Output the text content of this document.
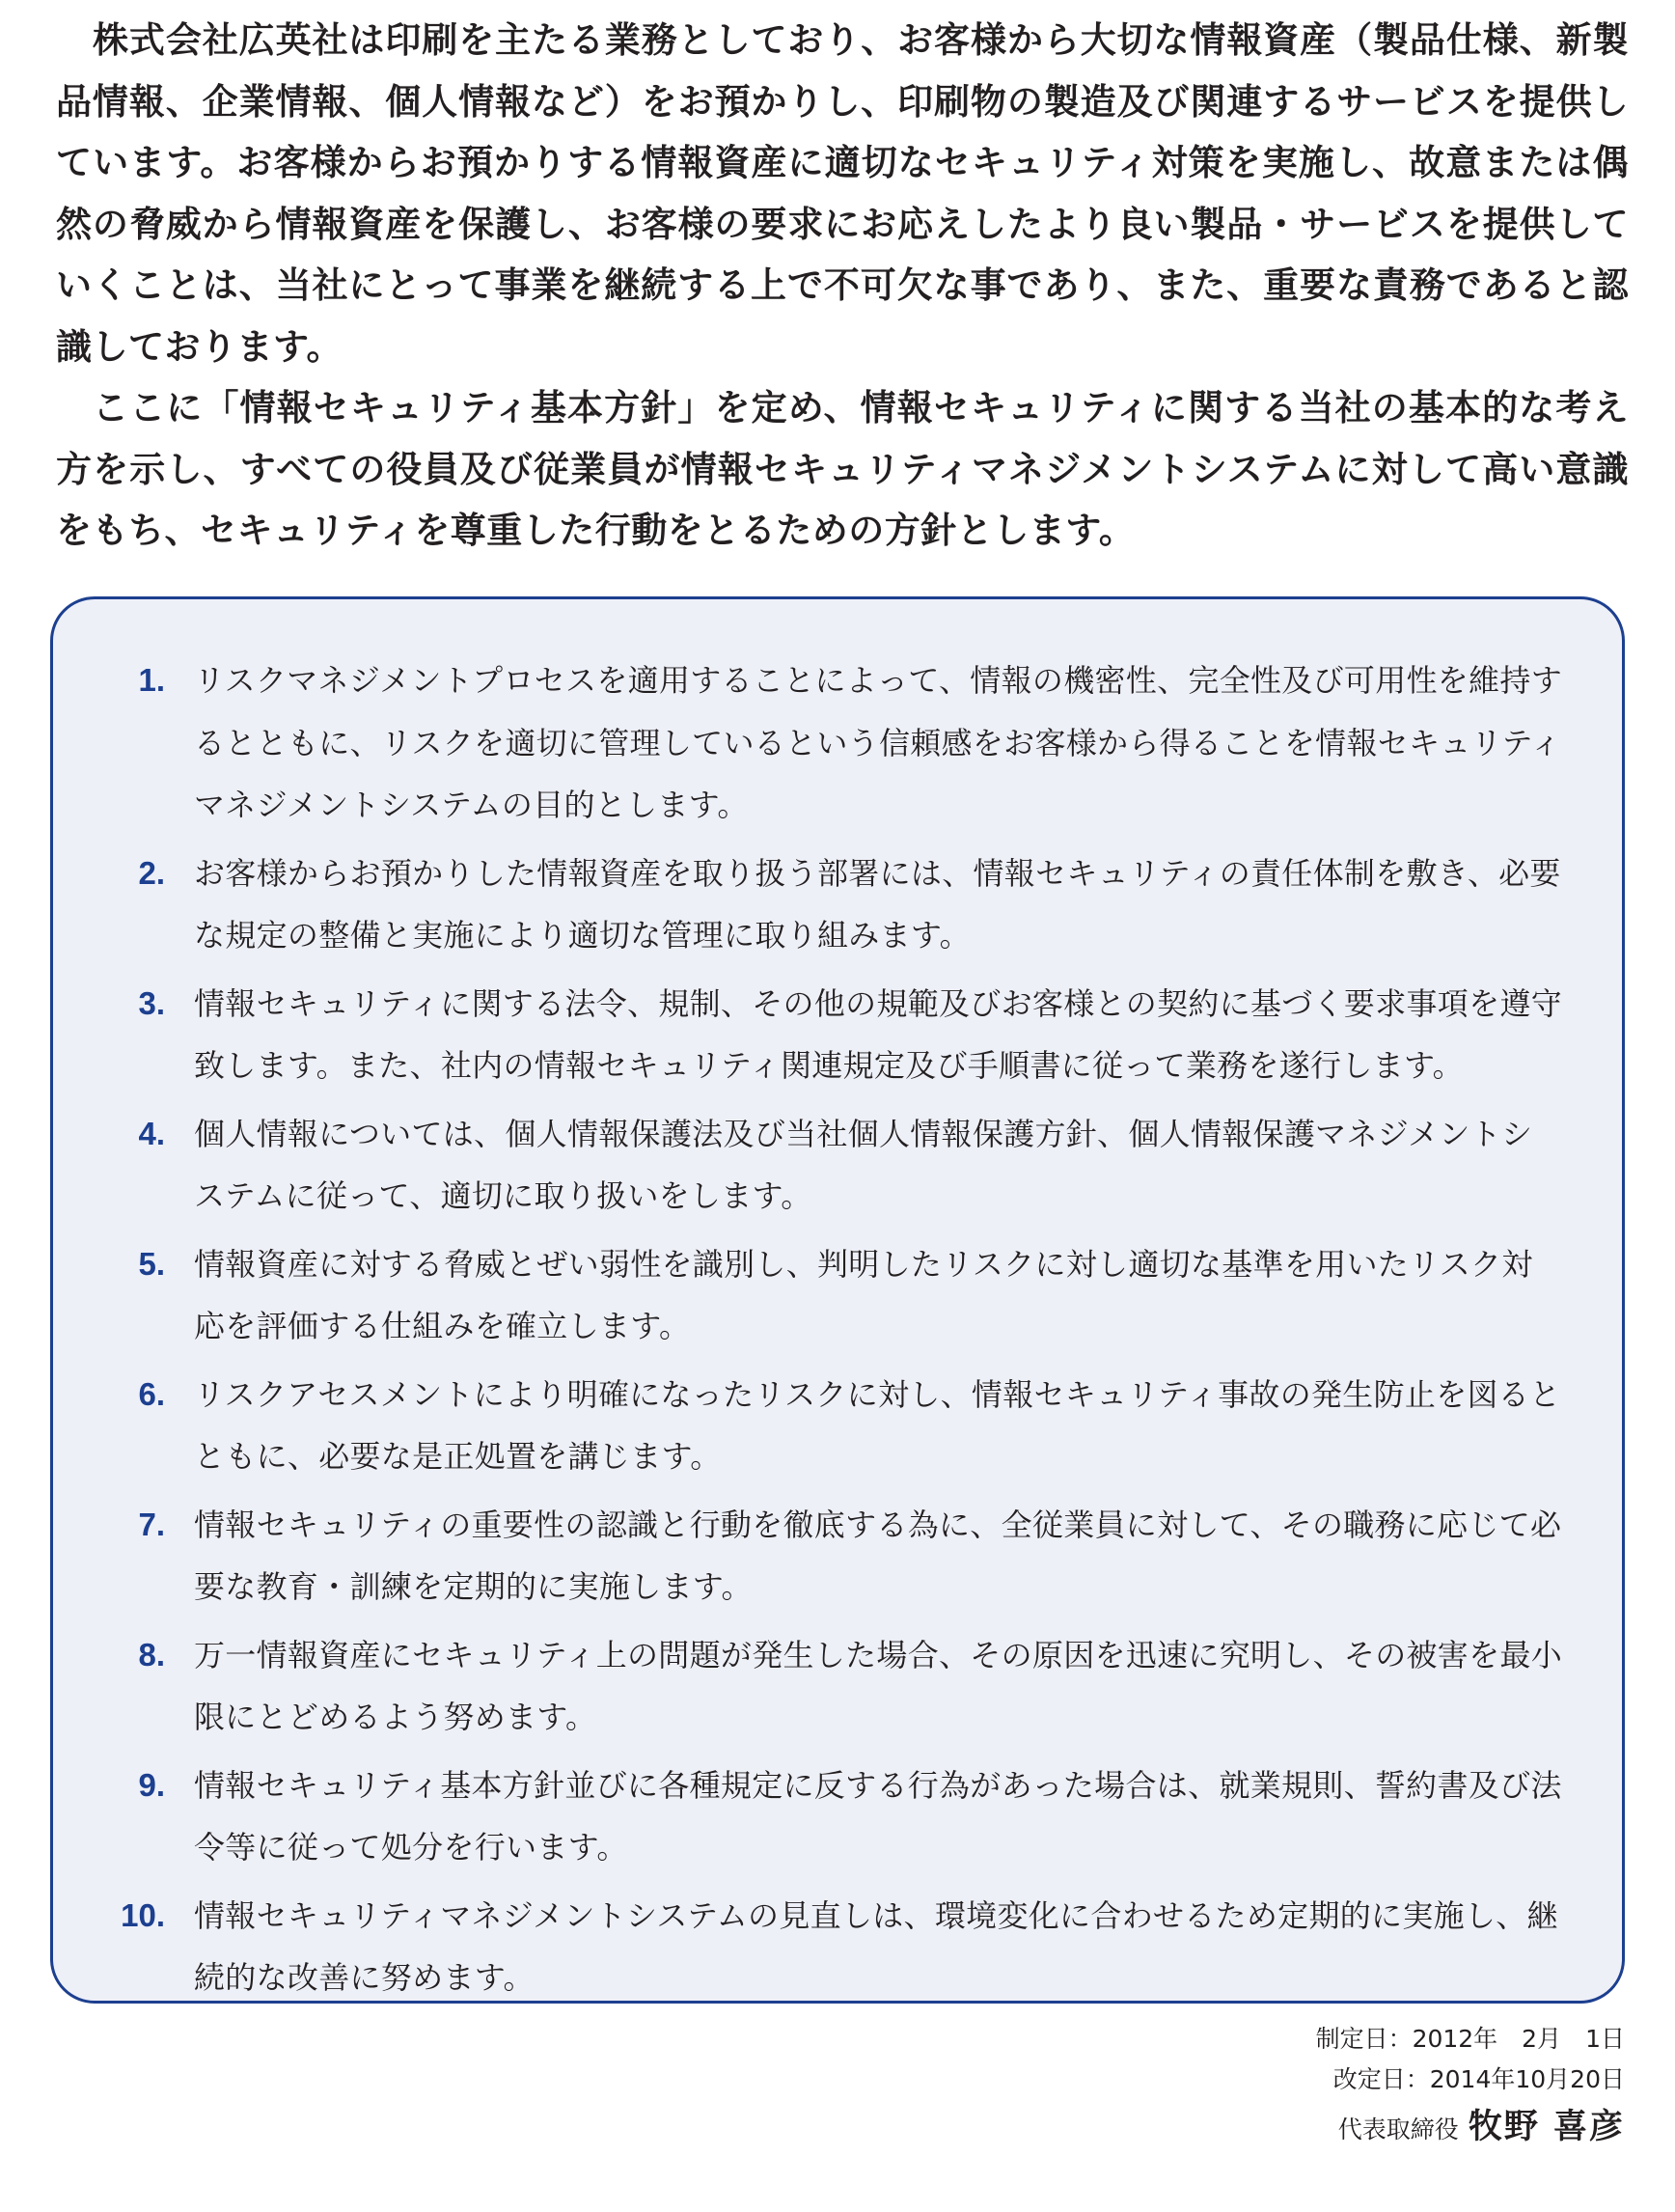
株式会社広英社は印刷を主たる業務としており、お客様から大切な情報資産（製品仕様、新製品情報、企業情報、個人情報など）をお預かりし、印刷物の製造及び関連するサービスを提供しています。お客様からお預かりする情報資産に適切なセキュリティ対策を実施し、故意または偶然の脅威から情報資産を保護し、お客様の要求にお応えしたより良い製品・サービスを提供していくことは、当社にとって事業を継続する上で不可欠な事であり、また、重要な責務であると認識しております。

ここに「情報セキュリティ基本方針」を定め、情報セキュリティに関する当社の基本的な考え方を示し、すべての役員及び従業員が情報セキュリティマネジメントシステムに対して高い意識をもち、セキュリティを尊重した行動をとるための方針とします。

1. リスクマネジメントプロセスを適用することによって、情報の機密性、完全性及び可用性を維持するとともに、リスクを適切に管理しているという信頼感をお客様から得ることを情報セキュリティマネジメントシステムの目的とします。
2. お客様からお預かりした情報資産を取り扱う部署には、情報セキュリティの責任体制を敷き、必要な規定の整備と実施により適切な管理に取り組みます。
3. 情報セキュリティに関する法令、規制、その他の規範及びお客様との契約に基づく要求事項を遵守致します。また、社内の情報セキュリティ関連規定及び手順書に従って業務を遂行します。
4. 個人情報については、個人情報保護法及び当社個人情報保護方針、個人情報保護マネジメントシステムに従って、適切に取り扱いをします。
5. 情報資産に対する脅威とぜい弱性を識別し、判明したリスクに対し適切な基準を用いたリスク対応を評価する仕組みを確立します。
6. リスクアセスメントにより明確になったリスクに対し、情報セキュリティ事故の発生防止を図るとともに、必要な是正処置を講じます。
7. 情報セキュリティの重要性の認識と行動を徹底する為に、全従業員に対して、その職務に応じて必要な教育・訓練を定期的に実施します。
8. 万一情報資産にセキュリティ上の問題が発生した場合、その原因を迅速に究明し、その被害を最小限にとどめるよう努めます。
9. 情報セキュリティ基本方針並びに各種規定に反する行為があった場合は、就業規則、誓約書及び法令等に従って処分を行います。
10. 情報セキュリティマネジメントシステムの見直しは、環境変化に合わせるため定期的に実施し、継続的な改善に努めます。
制定日：2012年　2月　1日
改定日：2014年10月20日
代表取締役 牧野 喜彦
